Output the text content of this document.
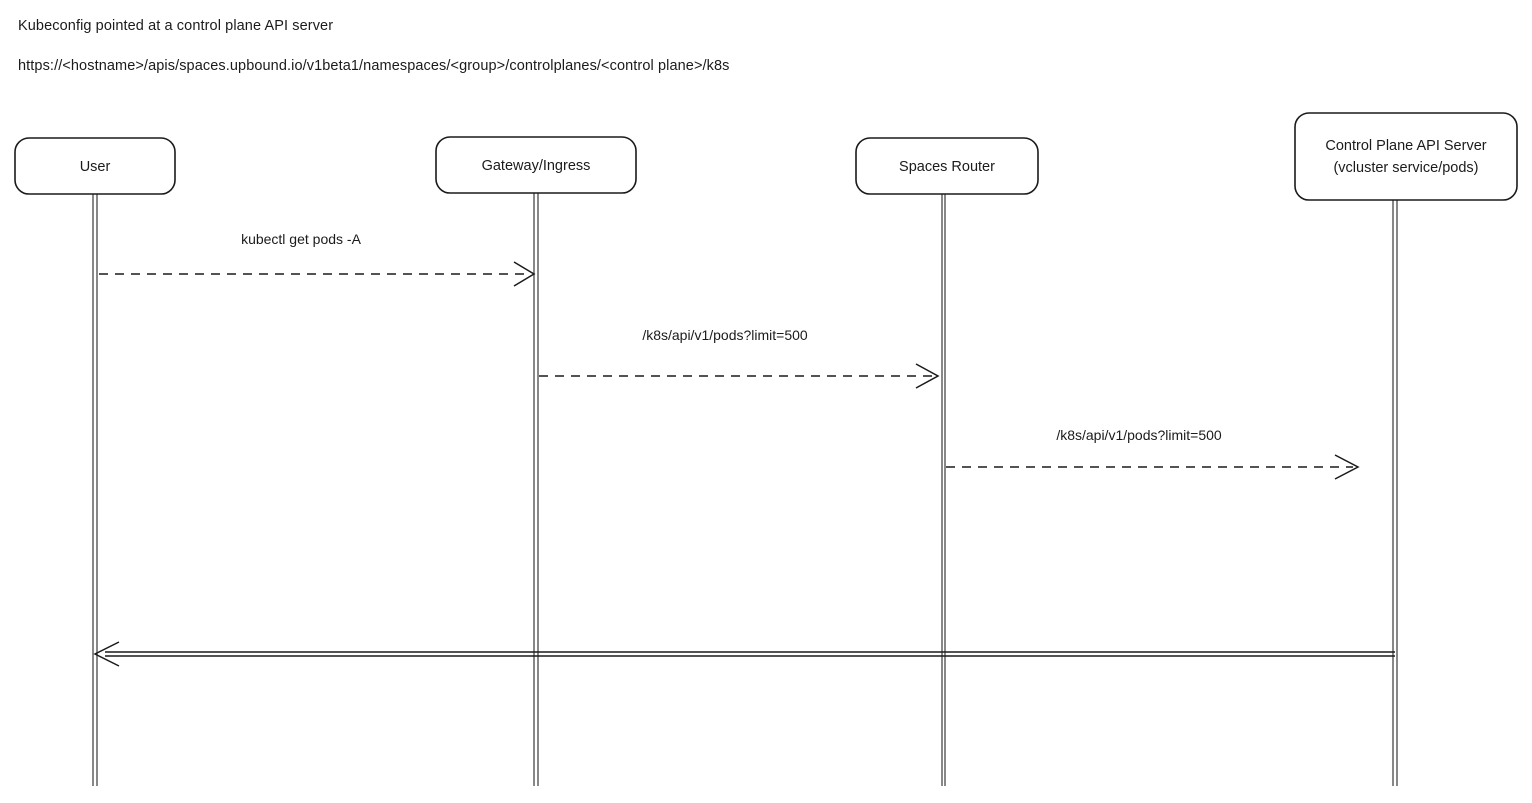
Kubeconfig pointed at a control plane API server
https://<hostname>/apis/spaces.upbound.io/v1beta1/namespaces/<group>/controlplanes/<control plane>/k8s
User	Gateway/Ingress	Spaces Router
Control Plane API Server
(vcluster service/pods)
kubectl get pods -A
/k8s/api/v1/pods?limit=500
/k8s/api/v1/pods?limit=500
